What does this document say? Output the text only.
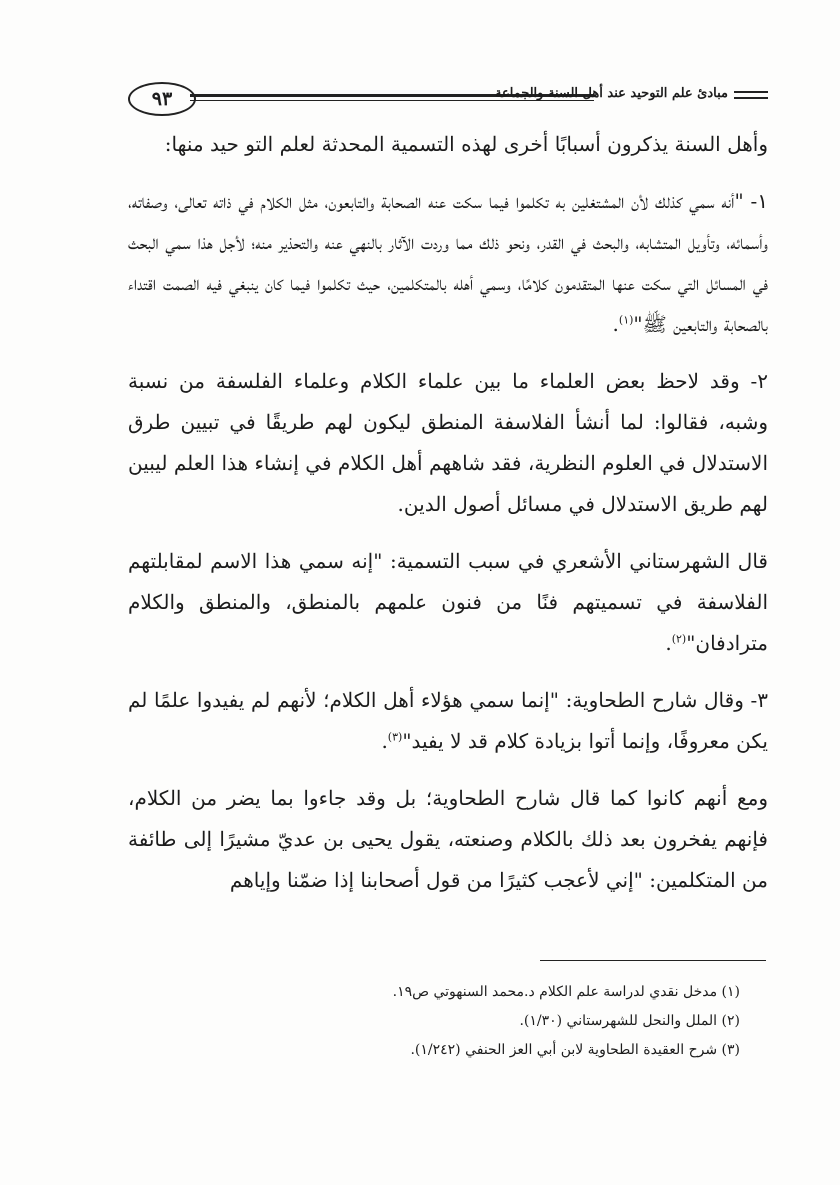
٩٣	مبادئ علم التوحيد عند أهل السنة والجماعة

وأهل السنة يذكرون أسبابًا أخرى لهذه التسمية المحدثة لعلم التو حيد منها:

١- "أنه سمي كذلك لأن المشتغلين به تكلموا فيما سكت عنه الصحابة والتابعون، مثل الكلام في ذاته تعالى، وصفاته، وأسمائه، وتأويل المتشابه، والبحث في القدر، ونحو ذلك مما وردت الآثار بالنهي عنه والتحذير منه؛ لأجل هذا سمي البحث في المسائل التي سكت عنها المتقدمون كلامًا، وسمي أهله بالمتكلمين، حيث تكلموا فيما كان ينبغي فيه الصمت اقتداء بالصحابة والتابعين ﷺ"$^{(١)}$.

٢- وقد لاحظ بعض العلماء ما بين علماء الكلام وعلماء الفلسفة من نسبة وشبه، فقالوا: لما أنشأ الفلاسفة المنطق ليكون لهم طريقًا في تبيين طرق الاستدلال في العلوم النظرية، فقد شاههم أهل الكلام في إنشاء هذا العلم ليبين لهم طريق الاستدلال في مسائل أصول الدين.

قال الشهرستاني الأشعري في سبب التسمية: "إنه سمي هذا الاسم لمقابلتهم الفلاسفة في تسميتهم فنًا من فنون علمهم بالمنطق، والمنطق والكلام مترادفان"$^{(٢)}$.

٣- وقال شارح الطحاوية: "إنما سمي هؤلاء أهل الكلام؛ لأنهم لم يفيدوا علمًا لم يكن معروفًا، وإنما أتوا بزيادة كلام قد لا يفيد"$^{(٣)}$.

ومع أنهم كانوا كما قال شارح الطحاوية؛ بل وقد جاءوا بما يضر من الكلام، فإنهم يفخرون بعد ذلك بالكلام وصنعته، يقول يحيى بن عديّ مشيرًا إلى طائفة من المتكلمين: "إني لأعجب كثيرًا من قول أصحابنا إذا ضمّنا وإياهم

(١) مدخل نقدي لدراسة علم الكلام د.محمد السنهوتي ص١٩.

(٢) الملل والنحل للشهرستاني (١/٣٠).

(٣) شرح العقيدة الطحاوية لابن أبي العز الحنفي (١/٢٤٢).
